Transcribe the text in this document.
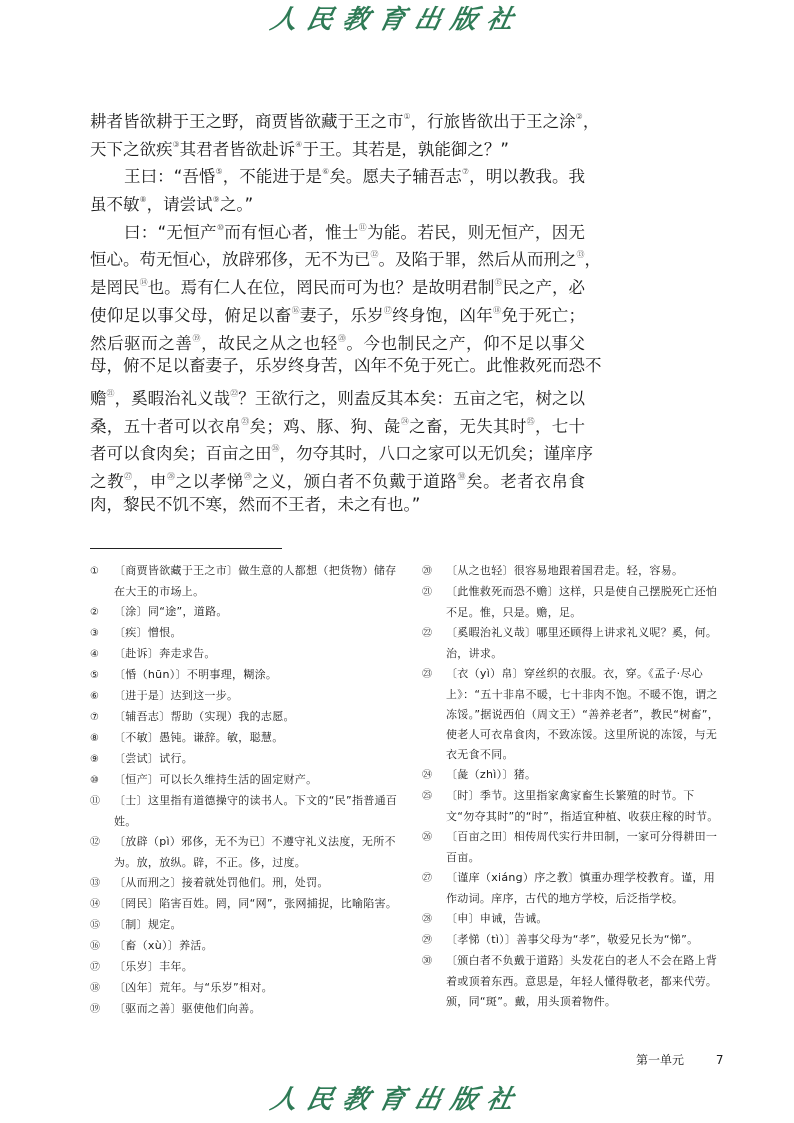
人民教育出版社
耕者皆欲耕于王之野，商贾皆欲藏于王之市①，行旅皆欲出于王之涂②，
天下之欲疾③其君者皆欲赴诉④于王。其若是，孰能御之？”
王曰：“吾惛⑤，不能进于是⑥矣。愿夫子辅吾志⑦，明以教我。我
虽不敏⑧，请尝试⑨之。”
曰：“无恒产⑩而有恒心者，惟士⑪为能。若民，则无恒产，因无
恒心。苟无恒心，放辟邪侈，无不为已⑫。及陷于罪，然后从而刑之⑬，
是罔民⑭也。焉有仁人在位，罔民而可为也？是故明君制⑮民之产，必
使仰足以事父母，俯足以畜⑯妻子，乐岁⑰终身饱，凶年⑱免于死亡；
然后驱而之善⑲，故民之从之也轻⑳。今也制民之产，仰不足以事父
母，俯不足以畜妻子，乐岁终身苦，凶年不免于死亡。此惟救死而恐不
赡$^㉑$，奚暇治礼义哉$^㉒$？王欲行之，则盍反其本矣：五亩之宅，树之以
桑，五十者可以衣帛$^㉓$矣；鸡、豚、狗、彘$^㉔$之畜，无失其时$^㉕$，七十
者可以食肉矣；百亩之田$^㉖$，勿夺其时，八口之家可以无饥矣；谨庠序
之教$^㉗$，申$^㉘$之以孝悌$^㉙$之义，颁白者不负戴于道路$^㉚$矣。老者衣帛食
肉，黎民不饥不寒，然而不王者，未之有也。”
① 〔商贾皆欲藏于王之市〕做生意的人都想（把货物）储存在大王的市场上。
② 〔涂〕同“途”，道路。
③ 〔疾〕憎恨。
④ 〔赴诉〕奔走求告。
⑤ 〔惛（hūn）〕不明事理，糊涂。
⑥ 〔进于是〕达到这一步。
⑦ 〔辅吾志〕帮助（实现）我的志愿。
⑧ 〔不敏〕愚钝。谦辞。敏，聪慧。
⑨ 〔尝试〕试行。
⑩ 〔恒产〕可以长久维持生活的固定财产。
⑪ 〔士〕这里指有道德操守的读书人。下文的“民”指普通百姓。
⑫ 〔放辟（pì）邪侈，无不为已〕不遵守礼义法度，无所不为。放，放纵。辟，不正。侈，过度。
⑬ 〔从而刑之〕接着就处罚他们。刑，处罚。
⑭ 〔罔民〕陷害百姓。罔，同“网”，张网捕捉，比喻陷害。
⑮ 〔制〕规定。
⑯ 〔畜（xù）〕养活。
⑰ 〔乐岁〕丰年。
⑱ 〔凶年〕荒年。与“乐岁”相对。
⑲ 〔驱而之善〕驱使他们向善。
⑳ 〔从之也轻〕很容易地跟着国君走。轻，容易。
㉑ 〔此惟救死而恐不赡〕这样，只是使自己摆脱死亡还怕不足。惟，只是。赡，足。
㉒ 〔奚暇治礼义哉〕哪里还顾得上讲求礼义呢？奚，何。治，讲求。
㉓ 〔衣（yì）帛〕穿丝织的衣服。衣，穿。《孟子·尽心上》：“五十非帛不暖，七十非肉不饱。不暖不饱，谓之冻馁。”据说西伯（周文王）“善养老者”，教民“树畜”，使老人可衣帛食肉，不致冻馁。这里所说的冻馁，与无衣无食不同。
㉔ 〔彘（zhì）〕猪。
㉕ 〔时〕季节。这里指家禽家畜生长繁殖的时节。下文“勿夺其时”的“时”，指适宜种植、收获庄稼的时节。
㉖ 〔百亩之田〕相传周代实行井田制，一家可分得耕田一百亩。
㉗ 〔谨庠（xiáng）序之教〕慎重办理学校教育。谨，用作动词。庠序，古代的地方学校，后泛指学校。
㉘ 〔申〕申诫，告诫。
㉙ 〔孝悌（tì）〕善事父母为“孝”，敬爱兄长为“悌”。
㉚ 〔颁白者不负戴于道路〕头发花白的老人不会在路上背着或顶着东西。意思是，年轻人懂得敬老，都来代劳。颁，同“斑”。戴，用头顶着物件。
第一单元	7
人民教育出版社
